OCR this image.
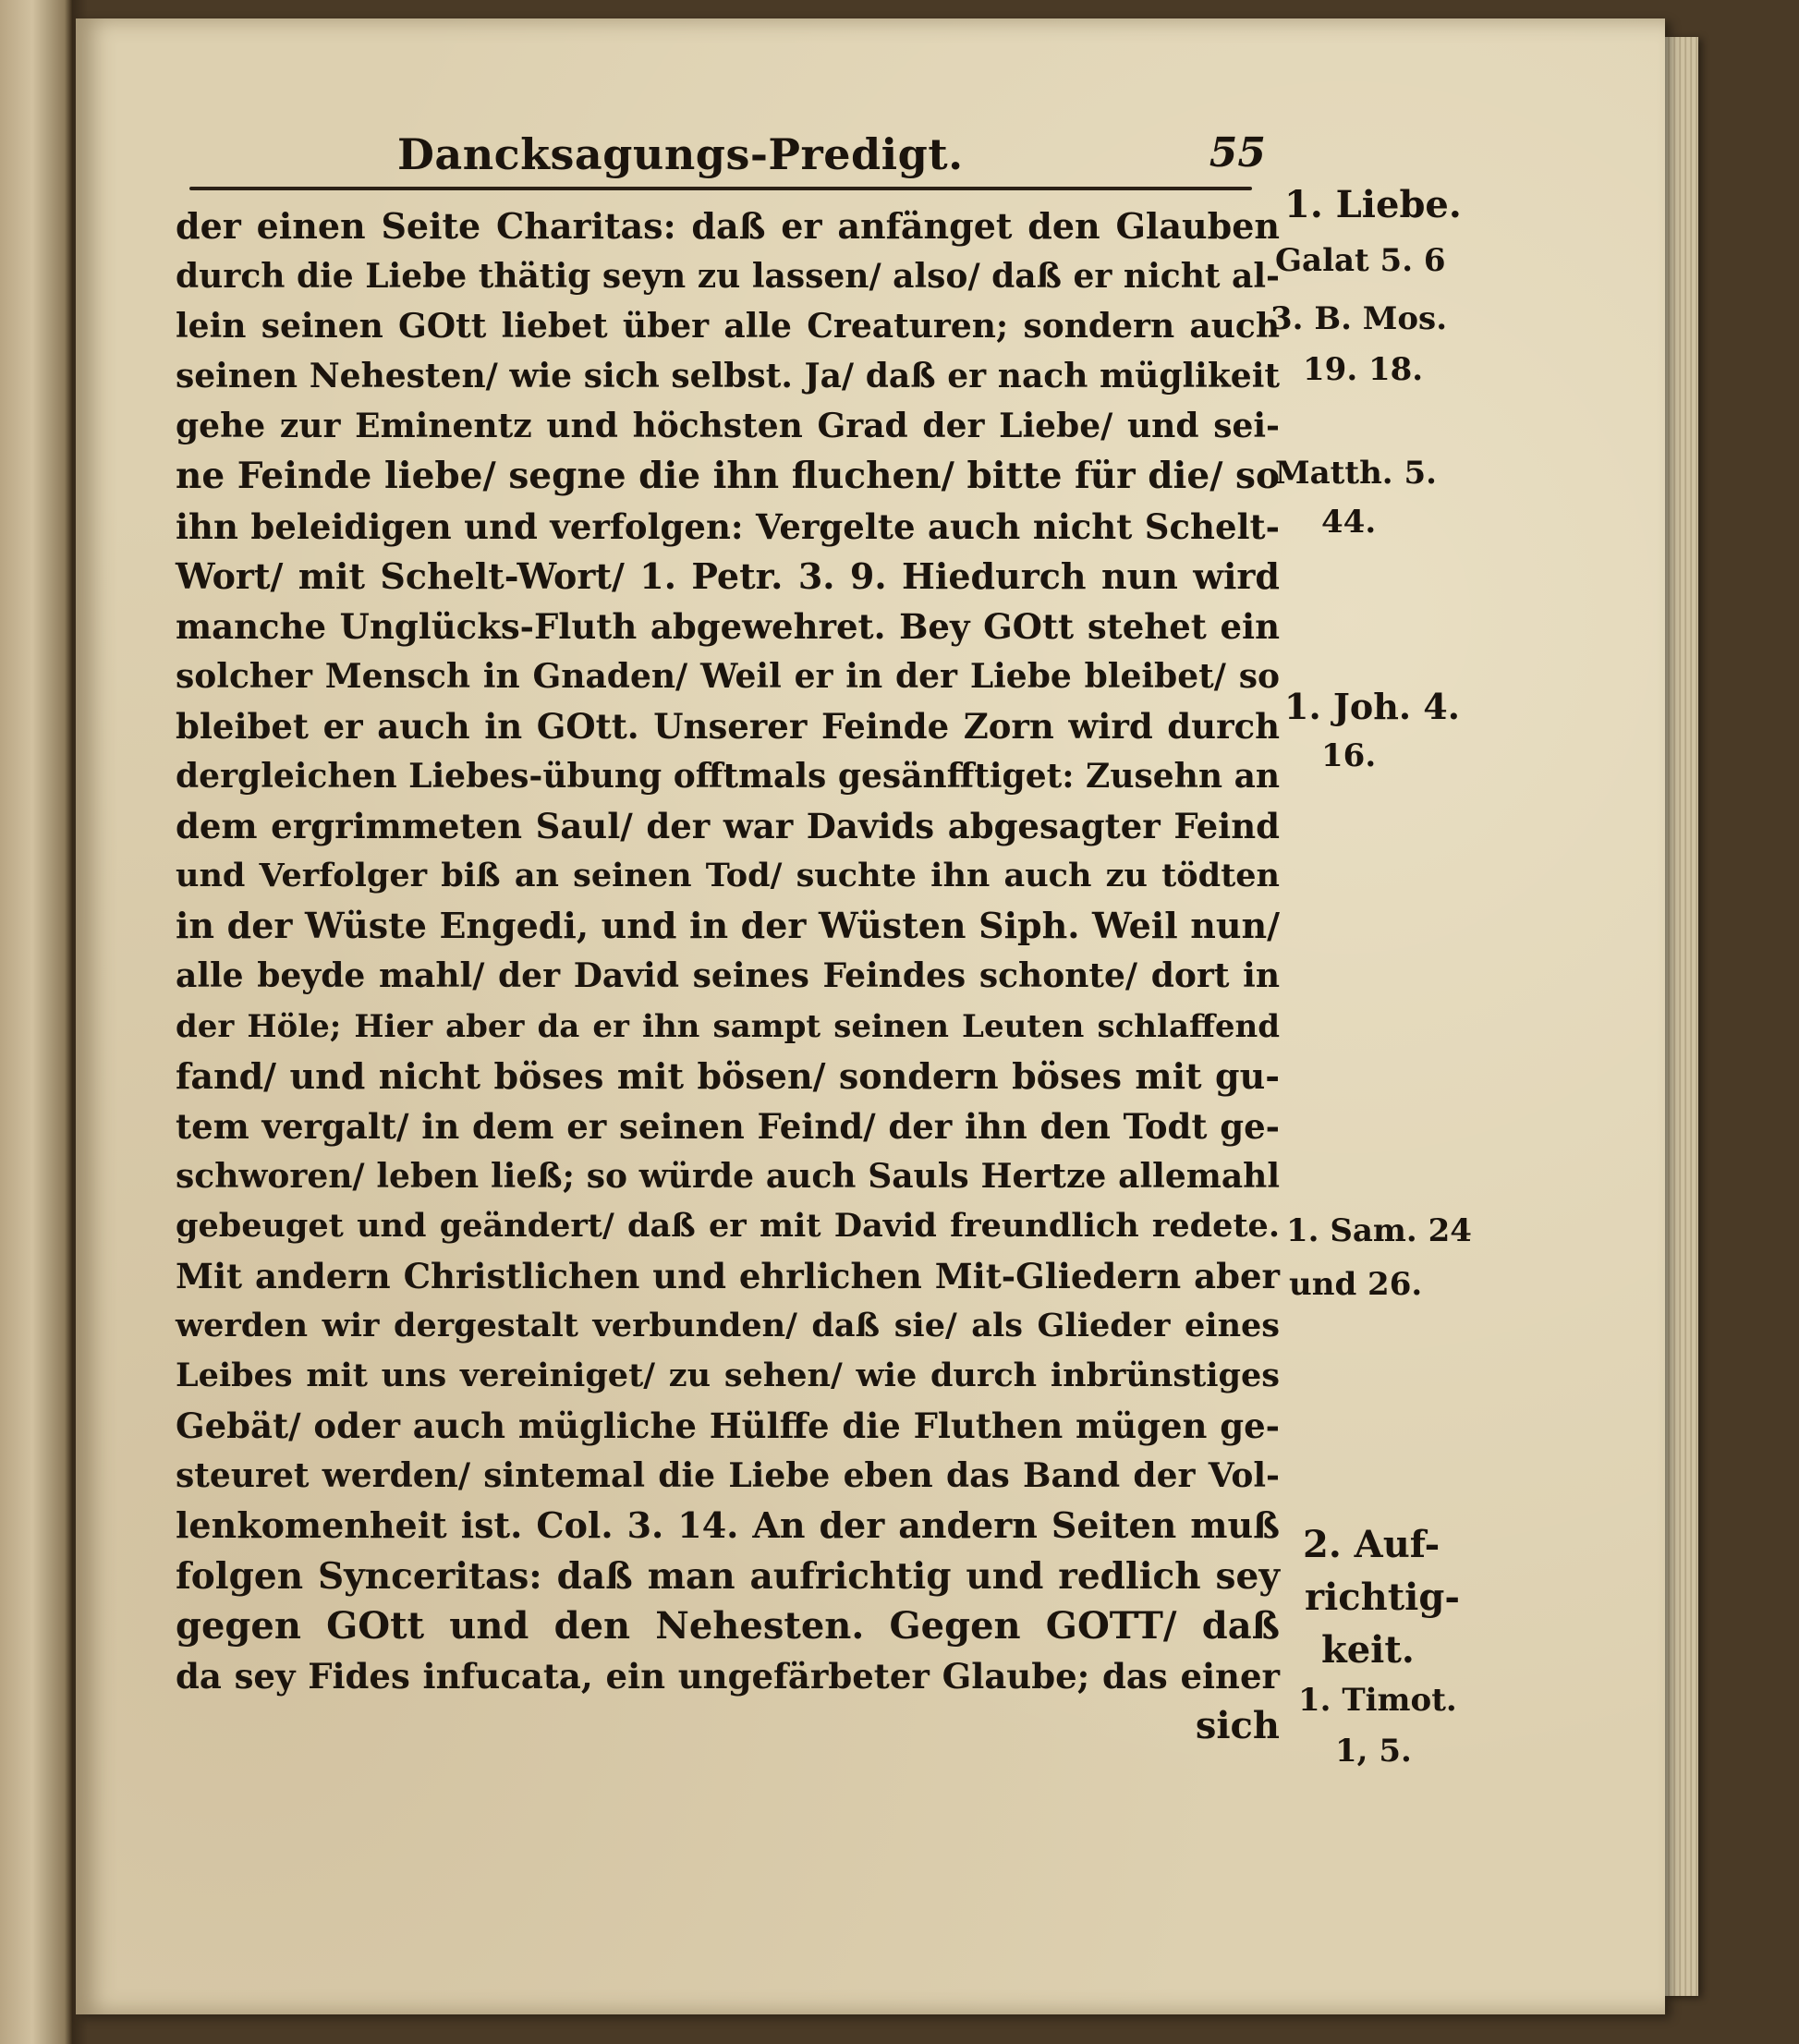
Dancksagungs-Predigt.	55
der einen Seite Charitas: daß er anfänget den Glauben
durch die Liebe thätig seyn zu lassen/ also/ daß er nicht al-
lein seinen GOtt liebet über alle Creaturen; sondern auch
seinen Nehesten/ wie sich selbst. Ja/ daß er nach müglikeit
gehe zur Eminentz und höchsten Grad der Liebe/ und sei-
ne Feinde liebe/ segne die ihn fluchen/ bitte für die/ so
ihn beleidigen und verfolgen: Vergelte auch nicht Schelt-
Wort/ mit Schelt-Wort/ 1. Petr. 3. 9. Hiedurch nun wird
manche Unglücks-Fluth abgewehret. Bey GOtt stehet ein
solcher Mensch in Gnaden/ Weil er in der Liebe bleibet/ so
bleibet er auch in GOtt. Unserer Feinde Zorn wird durch
dergleichen Liebes-übung offtmals gesänfftiget: Zusehn an
dem ergrimmeten Saul/ der war Davids abgesagter Feind
und Verfolger biß an seinen Tod/ suchte ihn auch zu tödten
in der Wüste Engedi, und in der Wüsten Siph. Weil nun/
alle beyde mahl/ der David seines Feindes schonte/ dort in
der Höle; Hier aber da er ihn sampt seinen Leuten schlaffend
fand/ und nicht böses mit bösen/ sondern böses mit gu-
tem vergalt/ in dem er seinen Feind/ der ihn den Todt ge-
schworen/ leben ließ; so würde auch Sauls Hertze allemahl
gebeuget und geändert/ daß er mit David freundlich redete.
Mit andern Christlichen und ehrlichen Mit-Gliedern aber
werden wir dergestalt verbunden/ daß sie/ als Glieder eines
Leibes mit uns vereiniget/ zu sehen/ wie durch inbrünstiges
Gebät/ oder auch mügliche Hülffe die Fluthen mügen ge-
steuret werden/ sintemal die Liebe eben das Band der Vol-
lenkomenheit ist. Col. 3. 14. An der andern Seiten muß
folgen Synceritas: daß man aufrichtig und redlich sey
gegen GOtt und den Nehesten. Gegen GOTT/ daß
da sey Fides infucata, ein ungefärbeter Glaube; das einer
sich
1. Liebe.
Galat 5. 6
3. B. Mos.
19. 18.
Matth. 5.
44.
1. Joh. 4.
16.
1. Sam. 24
und 26.
2. Auf-
richtig-
keit.
1. Timot.
1, 5.
